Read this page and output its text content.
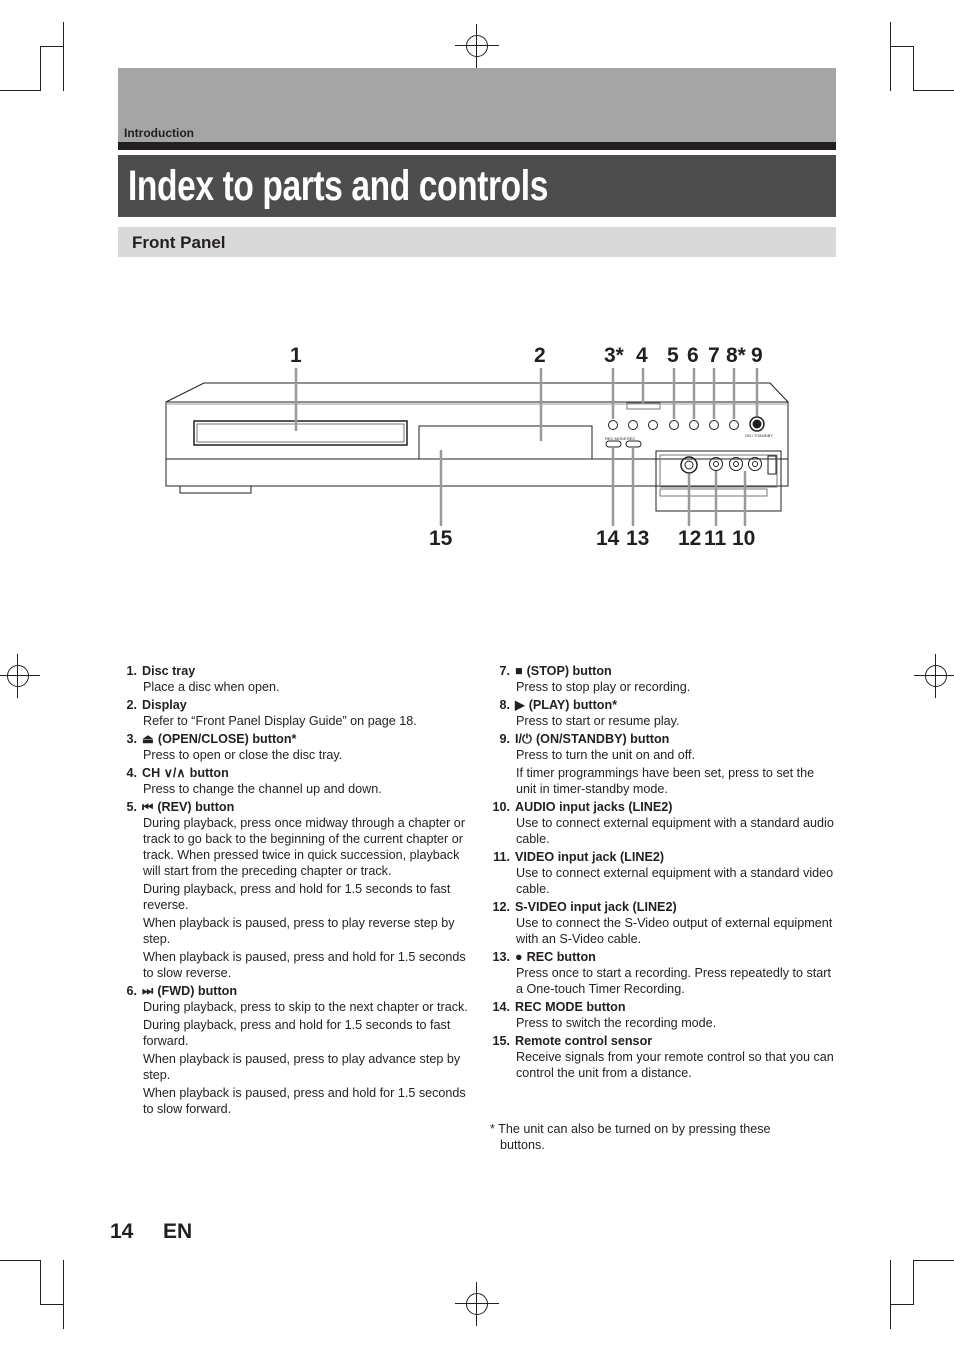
Introduction
Index to parts and controls
Front Panel
ON / STANDBY
REC MODE REC
1	2	3* 4 5 6 7 8* 9
15	14 13 12 11 10
1. Disc tray

Place a disc when open.

2. Display

Refer to “Front Panel Display Guide” on page 18.

3. ⏏ (OPEN/CLOSE) button*

Press to open or close the disc tray.

4. CH ∨/∧ button

Press to change the channel up and down.

5. ⏮ (REV) button

During playback, press once midway through a chapter or track to go back to the beginning of the current chapter or track. When pressed twice in quick succession, playback will start from the preceding chapter or track.

During playback, press and hold for 1.5 seconds to fast reverse.

When playback is paused, press to play reverse step by step.

When playback is paused, press and hold for 1.5 seconds to slow reverse.

6. ⏭ (FWD) button

During playback, press to skip to the next chapter or track.

During playback, press and hold for 1.5 seconds to fast forward.

When playback is paused, press to play advance step by step.

When playback is paused, press and hold for 1.5 seconds to slow forward.

7. ■ (STOP) button

Press to stop play or recording.

8. ▶ (PLAY) button*

Press to start or resume play.

9. I/⏻ (ON/STANDBY) button

Press to turn the unit on and off.

If timer programmings have been set, press to set the unit in timer-standby mode.

10. AUDIO input jacks (LINE2)

Use to connect external equipment with a standard audio cable.

11. VIDEO input jack (LINE2)

Use to connect external equipment with a standard video cable.

12. S-VIDEO input jack (LINE2)

Use to connect the S-Video output of external equipment with an S-Video cable.

13. ● REC button

Press once to start a recording. Press repeatedly to start a One-touch Timer Recording.

14. REC MODE button

Press to switch the recording mode.

15. Remote control sensor

Receive signals from your remote control so that you can control the unit from a distance.

* The unit can also be turned on by pressing these
buttons.
14 EN
